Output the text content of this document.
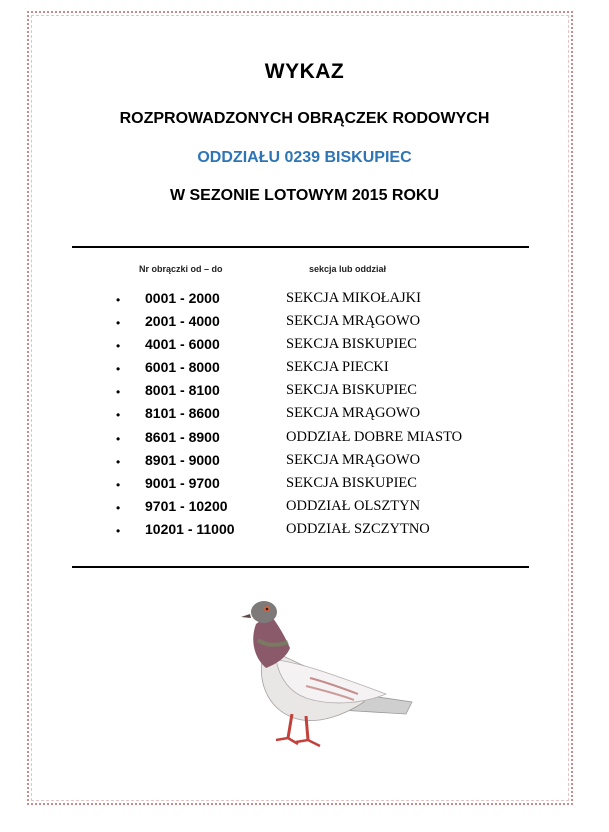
WYKAZ
ROZPROWADZONYCH OBRĄCZEK RODOWYCH
ODDZIAŁU 0239 BISKUPIEC
W SEZONIE LOTOWYM 2015 ROKU
Nr obrączki od – do	sekcja lub oddział
• 0001 - 2000	SEKCJA MIKOŁAJKI
• 2001 - 4000	SEKCJA MRĄGOWO
• 4001 - 6000	SEKCJA BISKUPIEC
• 6001 - 8000	SEKCJA PIECKI
• 8001 - 8100	SEKCJA BISKUPIEC
• 8101 - 8600	SEKCJA MRĄGOWO
• 8601 - 8900	ODDZIAŁ DOBRE MIASTO
• 8901 - 9000	SEKCJA MRĄGOWO
• 9001 - 9700	SEKCJA BISKUPIEC
• 9701 - 10200	ODDZIAŁ OLSZTYN
• 10201 - 11000	ODDZIAŁ SZCZYTNO
